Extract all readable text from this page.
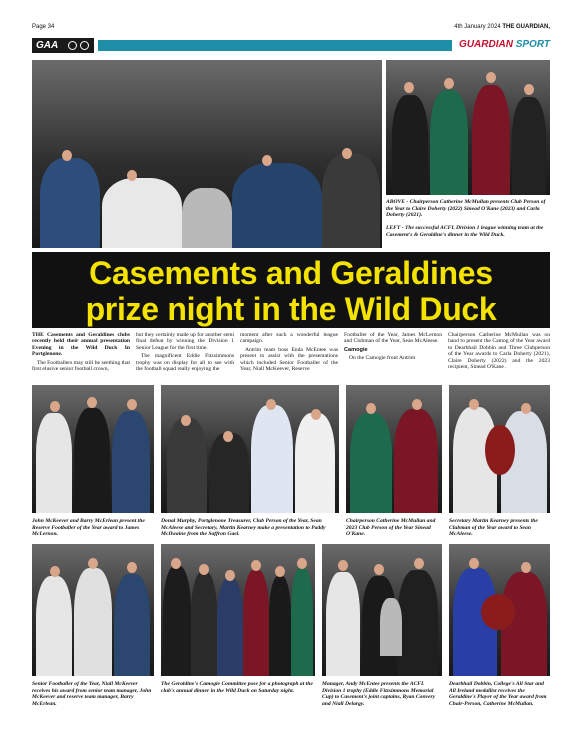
Page 34	4th January 2024 THE GUARDIAN,
GAA	GUARDIAN SPORT
ABOVE - Chairperson Catherine McMullan presents Club Person of the Year to Claire Doherty (2022) Sinead O'Kane (2023) and Carla Doherty (2021).
LEFT - The successful ACFL Division 1 league winning team at the Casement's & Geraldine's dinner in the Wild Duck.
Casements and Geraldines
prize night in the Wild Duck

THE Casements and Geraldines clubs recently held their annual presentation Evening in the Wild Duck In Portglenone.

The Footballers may still be seething that first elusive senior football crown,

but they certainly made up for another semi final defeat by winning the Division 1 Senior League for the first time.

The magnificent Eddie Fitzsimmons trophy was on display for all to see with the football squad really enjoying the

moment after such a wonderful league campaign.

Antrim team boss Enda McEntee was present to assist with the presentations which included Senior Footballer of the Year, Niall McKeever, Reserve

Footballer of the Year, James McLernon and Clubman of the Year, Sean McAleese.

Camogie

On the Camogie front Antrim

Chairperson Catherine McMullan was on hand to present the Camog of the Year award to Dearbhail Dobbin and Three Clubperson of the Year awards to Carla Doherty (2021), Claire Doherty (2022) and the 2023 recipient, Sinead O'Kane .

John McKeever and Barry McErlean present the Reserve Footballer of the Year award to James McLernon.
Donal Murphy, Portglenone Treasurer, Club Person of the Year, Sean McAleese and Secretary, Martin Kearney make a presentation to Paddy McIlwaine from the Saffron Gael.
Chairperson Catherine McMullan and 2023 Club Person of the Year Sinead O'Kane.
Secretary Martin Kearney presents the Clubman of the Year award to Sean McAleese.
Senior Footballer of the Year, Niall McKeever receives his award from senior team manager, John McKeever and reserve team manager, Barry McErlean.
The Geraldine's Camogie Committee pose for a photograph at the club's annual dinner in the Wild Duck on Saturday night.
Manager, Andy McEntee presents the ACFL Division 1 trophy (Eddie Fitzsimmons Memorial Cup) to Casement's joint captains, Ryan Convery and Niall Delargy.
Dearbhail Dobbin, College's All Star and All Ireland medallist receives the Geraldine's Player of the Year award from Chair-Person, Catherine McMullan.
